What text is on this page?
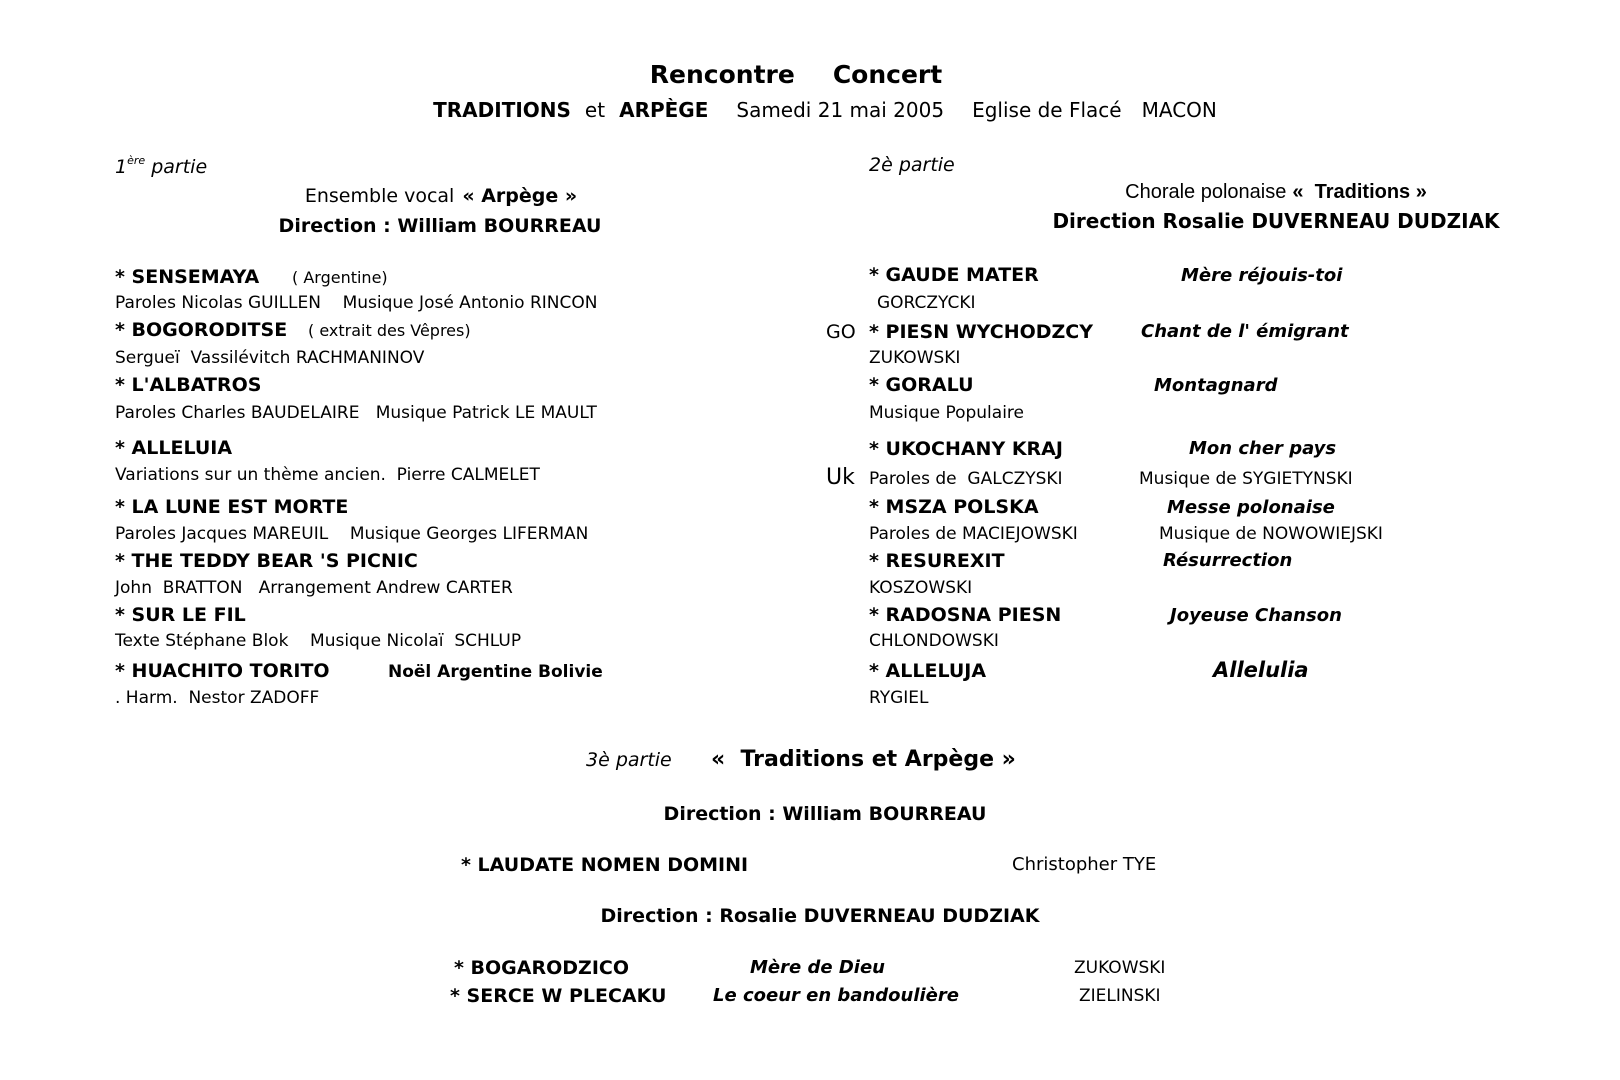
Rencontre Concert
TRADITIONS et ARPÈGE Samedi 21 mai 2005 Eglise de Flacé MACON
1ère partie
Ensemble vocal « Arpège »
Direction : William BOURREAU
* SENSEMAYA ( Argentine)
Paroles Nicolas GUILLEN    Musique José Antonio RINCON
* BOGORODITSE ( extrait des Vêpres)
Sergueï  Vassilévitch RACHMANINOV
* L'ALBATROS
Paroles Charles BAUDELAIRE   Musique Patrick LE MAULT
* ALLELUIA
Variations sur un thème ancien.  Pierre CALMELET
* LA LUNE EST MORTE
Paroles Jacques MAREUIL    Musique Georges LIFERMAN
* THE TEDDY BEAR 'S PICNIC
John  BRATTON   Arrangement Andrew CARTER
* SUR LE FIL
Texte Stéphane Blok    Musique Nicolaï  SCHLUP
* HUACHITO TORITO	Noël Argentine Bolivie
. Harm.  Nestor ZADOFF
2è partie
Chorale polonaise «  Traditions »
Direction Rosalie DUVERNEAU DUDZIAK
* GAUDE MATER	Mère réjouis-toi
GORCZYCKI
GO * PIESN WYCHODZCY	Chant de l' émigrant
ZUKOWSKI
* GORALU	Montagnard
Musique Populaire
* UKOCHANY KRAJ	Mon cher pays
Uk Paroles de  GALCZYSKI	Musique de SYGIETYNSKI
* MSZA POLSKA	Messe polonaise
Paroles de MACIEJOWSKI	Musique de NOWOWIEJSKI
* RESUREXIT	Résurrection
KOSZOWSKI
* RADOSNA PIESN	Joyeuse Chanson
CHLONDOWSKI
* ALLELUJA	Allelulia
RYGIEL
3è partie «  Traditions et Arpège »
Direction : William BOURREAU
* LAUDATE NOMEN DOMINI	Christopher TYE
Direction : Rosalie DUVERNEAU DUDZIAK
* BOGARODZICO	Mère de Dieu	ZUKOWSKI
* SERCE W PLECAKU	Le coeur en bandoulière	ZIELINSKI
